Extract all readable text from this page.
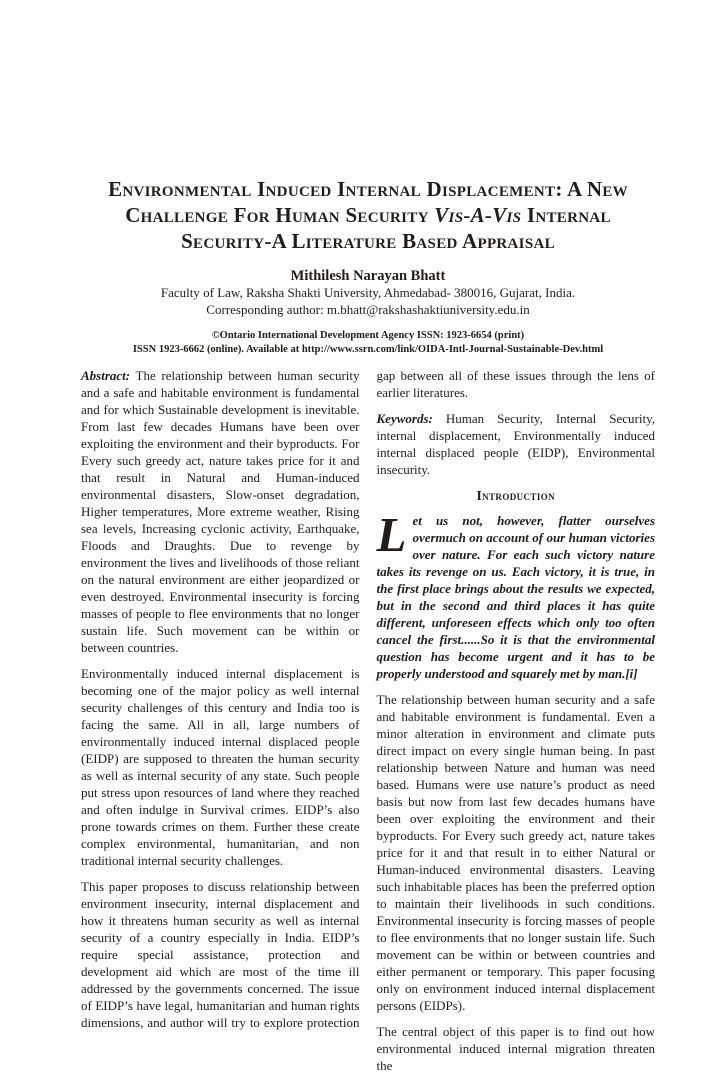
Environmental Induced Internal Displacement: A New Challenge For Human Security Vis-A-Vis Internal Security-A Literature Based Appraisal
Mithilesh Narayan Bhatt
Faculty of Law, Raksha Shakti University, Ahmedabad- 380016, Gujarat, India.
Corresponding author: m.bhatt@rakshashaktiuniversity.edu.in
©Ontario International Development Agency ISSN: 1923-6654 (print)
ISSN 1923-6662 (online). Available at http://www.ssrn.com/link/OIDA-Intl-Journal-Sustainable-Dev.html

Abstract: The relationship between human security and a safe and habitable environment is fundamental and for which Sustainable development is inevitable. From last few decades Humans have been over exploiting the environment and their byproducts. For Every such greedy act, nature takes price for it and that result in Natural and Human-induced environmental disasters, Slow-onset degradation, Higher temperatures, More extreme weather, Rising sea levels, Increasing cyclonic activity, Earthquake, Floods and Draughts. Due to revenge by environment the lives and livelihoods of those reliant on the natural environment are either jeopardized or even destroyed. Environmental insecurity is forcing masses of people to flee environments that no longer sustain life. Such movement can be within or between countries.

Environmentally induced internal displacement is becoming one of the major policy as well internal security challenges of this century and India too is facing the same. All in all, large numbers of environmentally induced internal displaced people (EIDP) are supposed to threaten the human security as well as internal security of any state. Such people put stress upon resources of land where they reached and often indulge in Survival crimes. EIDP’s also prone towards crimes on them. Further these create complex environmental, humanitarian, and non traditional internal security challenges.

This paper proposes to discuss relationship between environment insecurity, internal displacement and how it threatens human security as well as internal security of a country especially in India. EIDP’s require special assistance, protection and development aid which are most of the time ill addressed by the governments concerned. The issue of EIDP’s have legal, humanitarian and human rights dimensions, and author will try to explore protection

gap between all of these issues through the lens of earlier literatures.

Keywords: Human Security, Internal Security, internal displacement, Environmentally induced internal displaced people (EIDP), Environmental insecurity.

Introduction

Let us not, however, flatter ourselves overmuch on account of our human victories over nature. For each such victory nature takes its revenge on us. Each victory, it is true, in the first place brings about the results we expected, but in the second and third places it has quite different, unforeseen effects which only too often cancel the first......So it is that the environmental question has become urgent and it has to be properly understood and squarely met by man.[i]

The relationship between human security and a safe and habitable environment is fundamental. Even a minor alteration in environment and climate puts direct impact on every single human being. In past relationship between Nature and human was need based. Humans were use nature’s product as need basis but now from last few decades humans have been over exploiting the environment and their byproducts. For Every such greedy act, nature takes price for it and that result in to either Natural or Human-induced environmental disasters. Leaving such inhabitable places has been the preferred option to maintain their livelihoods in such conditions. Environmental insecurity is forcing masses of people to flee environments that no longer sustain life. Such movement can be within or between countries and either permanent or temporary. This paper focusing only on environment induced internal displacement persons (EIDPs).

The central object of this paper is to find out how environmental induced internal migration threaten the
